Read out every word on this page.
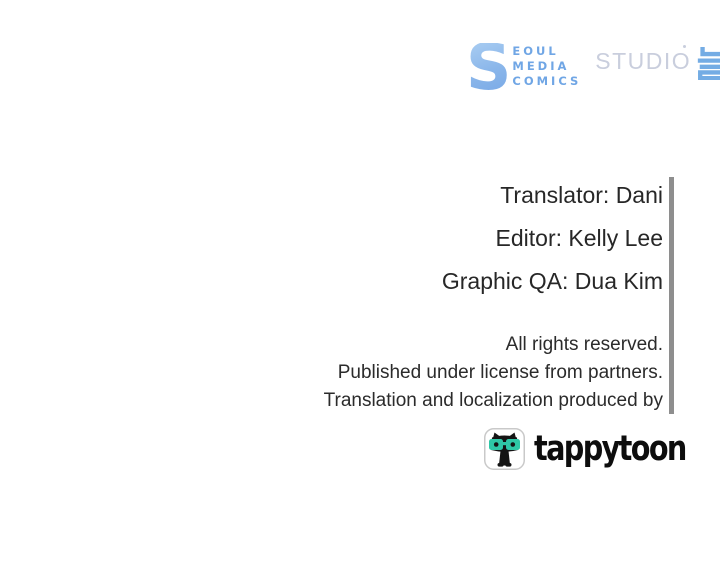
S EOUL
MEDIA
COMICS
STUDIO
Translator: Dani
Editor: Kelly Lee
Graphic QA: Dua Kim
All rights reserved.
Published under license from partners.
Translation and localization produced by
tappytoon
